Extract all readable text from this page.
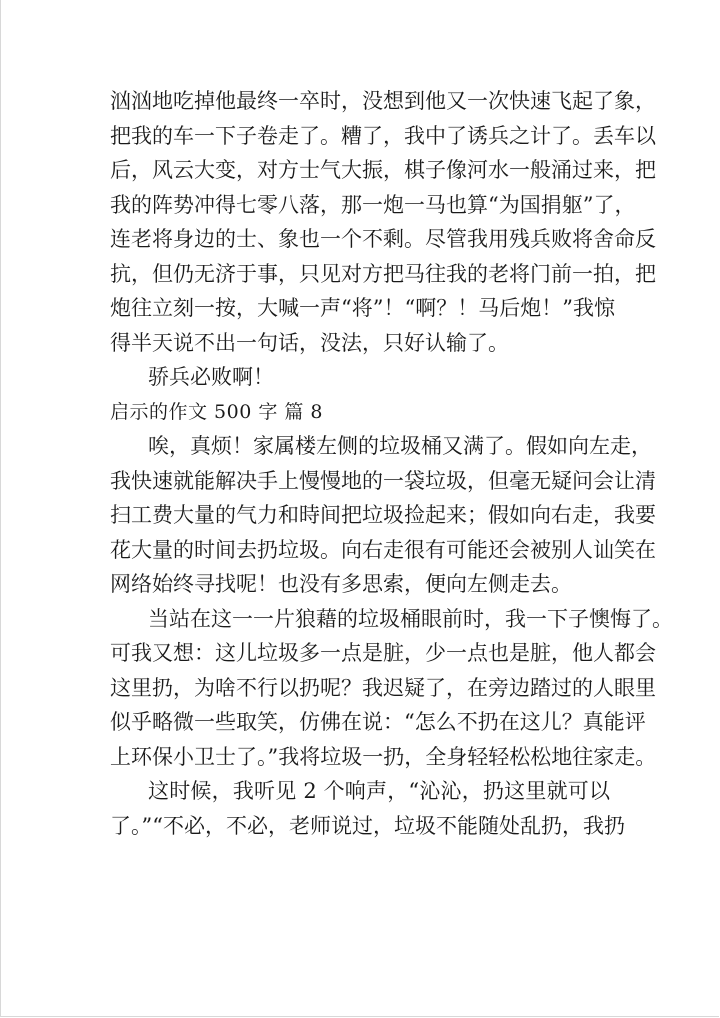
汹汹地吃掉他最终一卒时，没想到他又一次快速飞起了象，
把我的车一下子卷走了。糟了，我中了诱兵之计了。丢车以
后，风云大变，对方士气大振，棋子像河水一般涌过来，把
我的阵势冲得七零八落，那一炮一马也算“为国捐躯”了，
连老将身边的士、象也一个不剩。尽管我用残兵败将舍命反
抗，但仍无济于事，只见对方把马往我的老将门前一拍，把
炮往立刻一按，大喊一声“将”！“啊？！马后炮！”我惊
得半天说不出一句话，没法，只好认输了。
骄兵必败啊！
启示的作文 500 字 篇 8
唉，真烦！家属楼左侧的垃圾桶又满了。假如向左走，
我快速就能解决手上慢慢地的一袋垃圾，但毫无疑问会让清
扫工费大量的气力和時间把垃圾捡起来；假如向右走，我要
花大量的时间去扔垃圾。向右走很有可能还会被别人讪笑在
网络始终寻找呢！也没有多思索，便向左侧走去。
当站在这一一片狼藉的垃圾桶眼前时，我一下子懊悔了。
可我又想：这儿垃圾多一点是脏，少一点也是脏，他人都会
这里扔，为啥不行以扔呢？我迟疑了，在旁边踏过的人眼里
似乎略微一些取笑，仿佛在说：“怎么不扔在这儿？真能评
上环保小卫士了。”我将垃圾一扔，全身轻轻松松地往家走。
这时候，我听见 2 个响声，“沁沁，扔这里就可以
了。”“不必，不必，老师说过，垃圾不能随处乱扔，我扔
